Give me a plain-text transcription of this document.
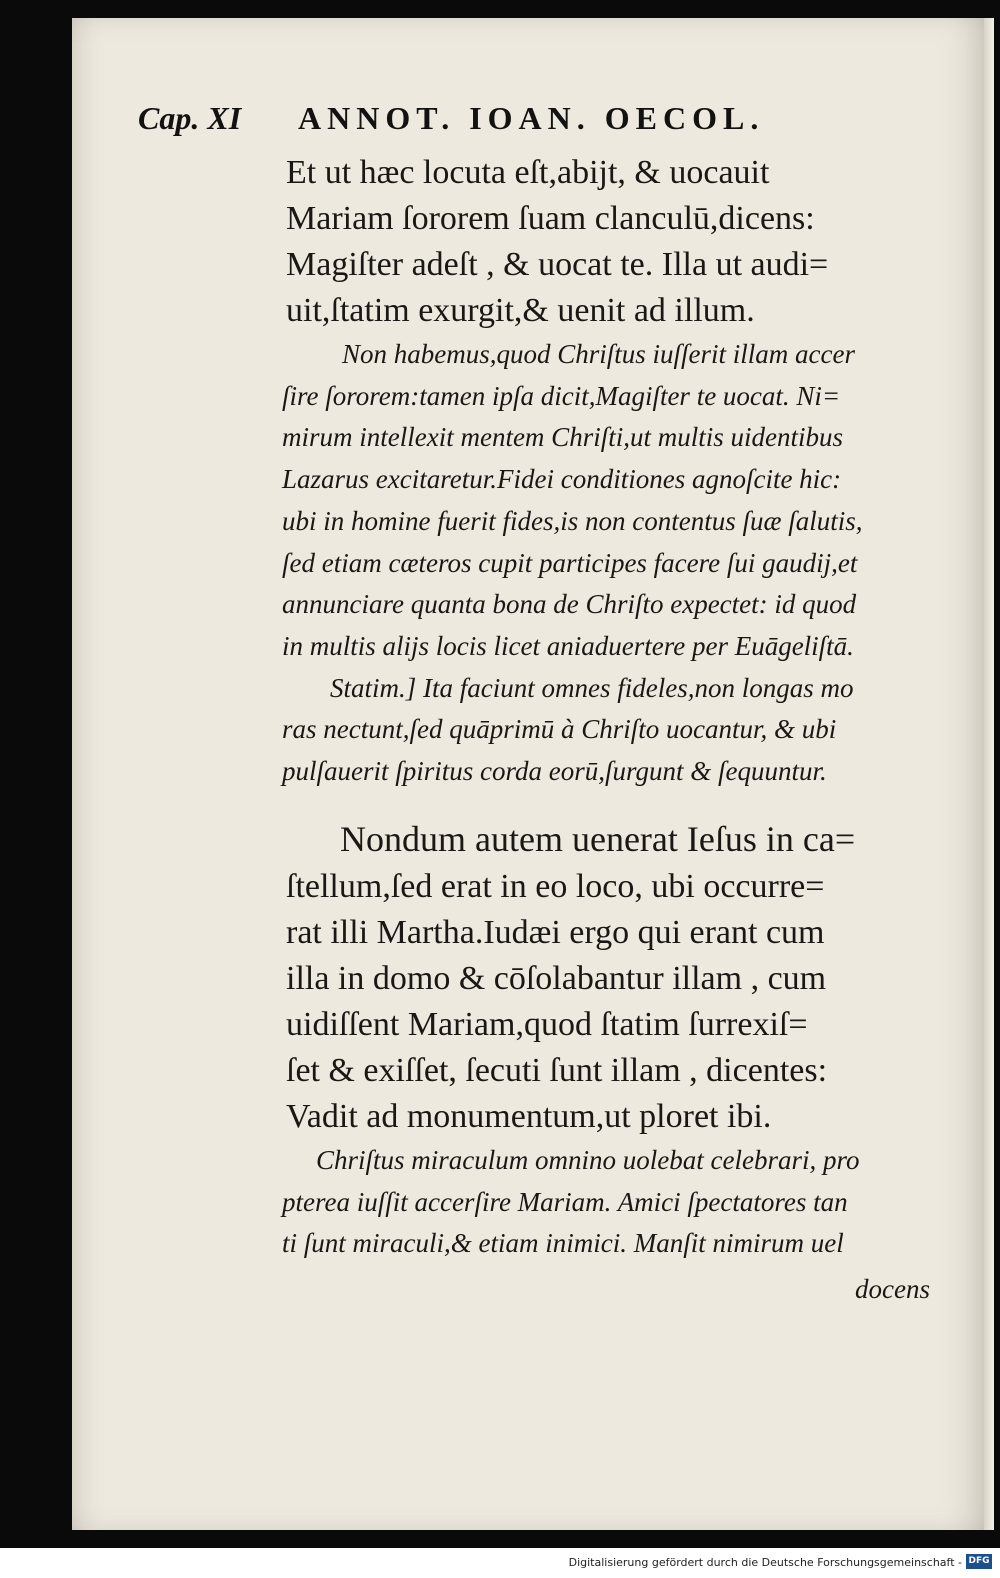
Cap. XI ANNOT. IOAN. OECOL.
Et ut hæc locuta eſt,abijt, & uocauit
Mariam ſororem ſuam clanculū,dicens:
Magiſter adeſt , & uocat te. Illa ut audi=
uit,ſtatim exurgit,& uenit ad illum.
Non habemus,quod Chriſtus iuſſerit illam accer
ſire ſororem:tamen ipſa dicit,Magiſter te uocat. Ni=
mirum intellexit mentem Chriſti,ut multis uidentibus
Lazarus excitaretur.Fidei conditiones agnoſcite hic:
ubi in homine fuerit fides,is non contentus ſuæ ſalutis,
ſed etiam cæteros cupit participes facere ſui gaudij,et
annunciare quanta bona de Chriſto expectet: id quod
in multis alijs locis licet aniaduertere per Euāgeliſtā.
Statim.] Ita faciunt omnes fideles,non longas mo
ras nectunt,ſed quāprimū à Chriſto uocantur, & ubi
pulſauerit ſpiritus corda eorū,ſurgunt & ſequuntur.
Nondum autem uenerat Ieſus in ca=
ſtellum,ſed erat in eo loco, ubi occurre=
rat illi Martha.Iudæi ergo qui erant cum
illa in domo & cōſolabantur illam , cum
uidiſſent Mariam,quod ſtatim ſurrexiſ=
ſet & exiſſet, ſecuti ſunt illam , dicentes:
Vadit ad monumentum,ut ploret ibi.
Chriſtus miraculum omnino uolebat celebrari, pro
pterea iuſſit accerſire Mariam. Amici ſpectatores tan
ti ſunt miraculi,& etiam inimici. Manſit nimirum uel
docens
Digitalisierung gefördert durch die Deutsche Forschungsgemeinschaft - DFG
